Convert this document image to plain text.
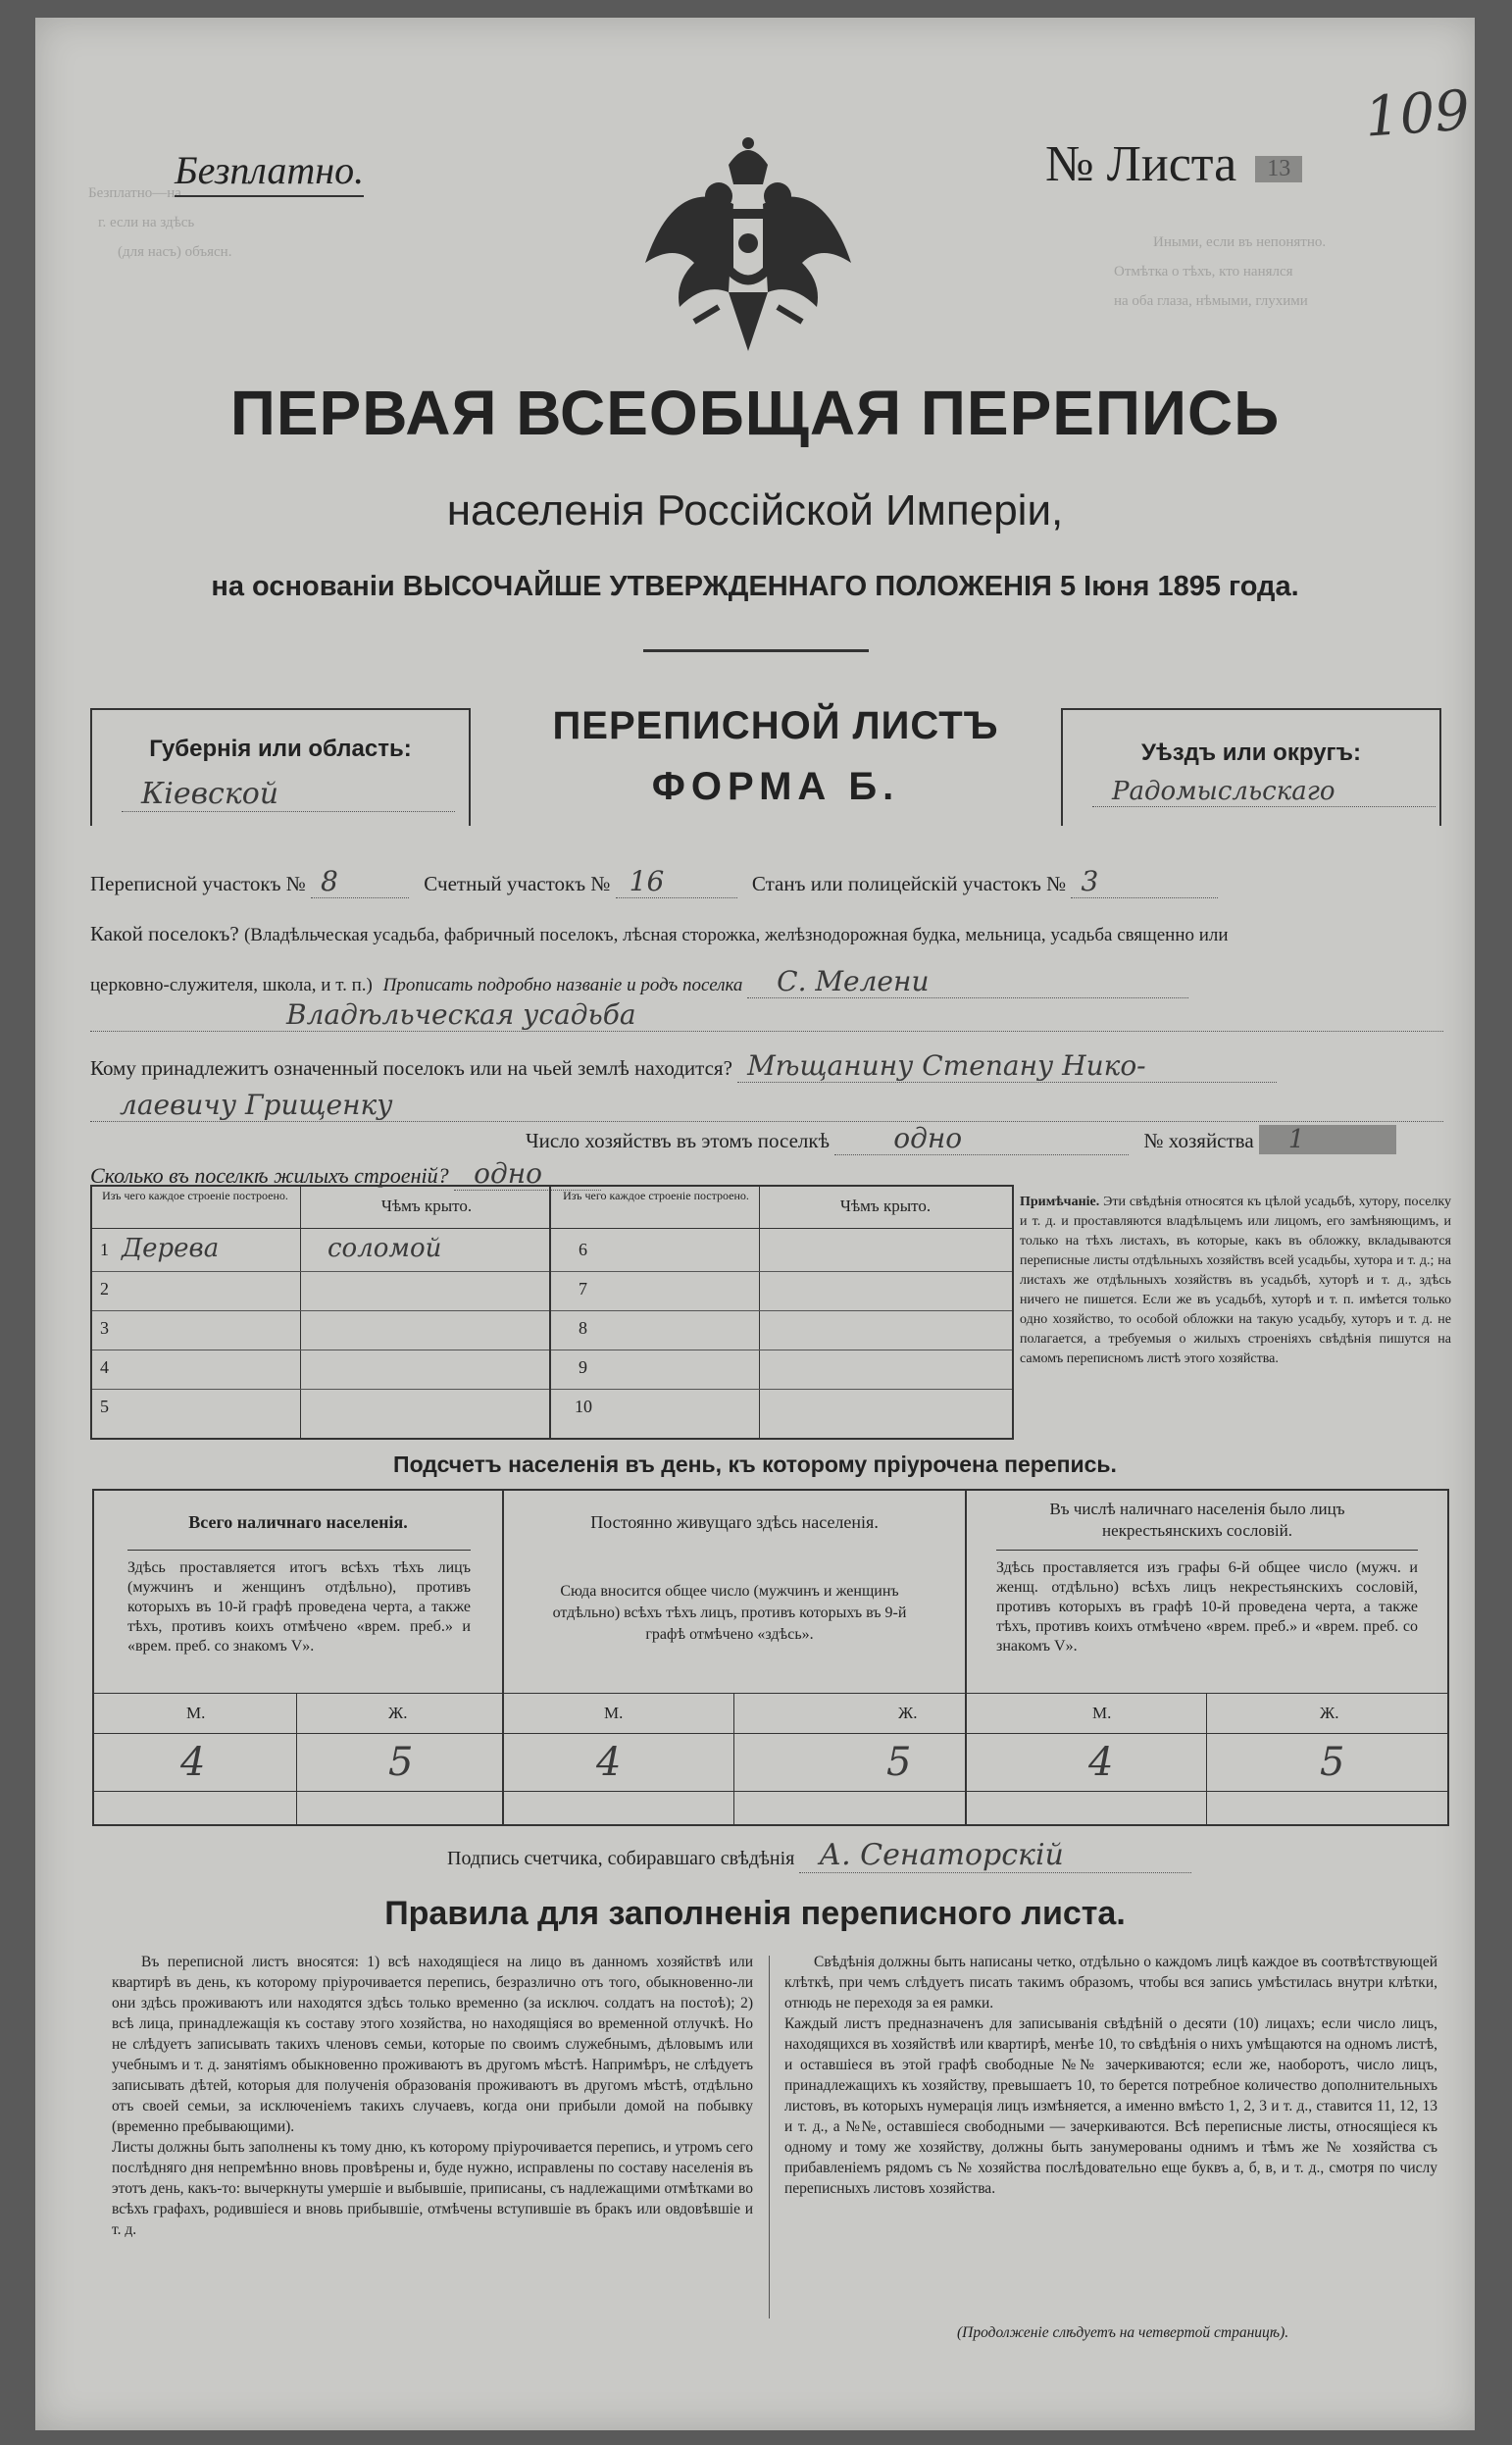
Безплатно—на
г. если на здѣсь
(для насъ) объясн.
Иными, если въ непонятно.
Отмѣтка о тѣхъ, кто нанялся
на оба глаза, нѣмыми, глухими
109
Безплатно.	№ Листа 13
ПЕРВАЯ ВСЕОБЩАЯ ПЕРЕПИСЬ
населенія Россійской Имперіи,
на основаніи ВЫСОЧАЙШЕ УТВЕРЖДЕННАГО ПОЛОЖЕНІЯ 5 Іюня 1895 года.
Губернія или область:
Кіевской
ПЕРЕПИСНОЙ ЛИСТЪ
ФОРМА Б.
Уѣздъ или округъ:
Радомысльскаго
Переписной участокъ № 8	Счетный участокъ № 16	Станъ или полицейскій участокъ № 3
Какой поселокъ? (Владѣльческая усадьба, фабричный поселокъ, лѣсная сторожка, желѣзнодорожная будка, мельница, усадьба священно или
церковно-служителя, школа, и т. п.) Прописать подробно названіе и родъ поселка С. Мелени
Владѣльческая усадьба
Кому принадлежитъ означенный поселокъ или на чьей землѣ находится? Мѣщанину Степану Нико-
лаевичу Грищенку
Число хозяйствъ въ этомъ поселкѣ одно	№ хозяйства 1
Сколько въ поселкѣ жилыхъ строеній? одно
Изъ чего каждое строеніе построено.
Чѣмъ крыто.
1 Дерева	соломой
2
3
4
5
Изъ чего каждое строеніе построено.
Чѣмъ крыто.
6
7
8
9
10
Примѣчаніе. Эти свѣдѣнія относятся къ цѣлой усадьбѣ, хутору, поселку и т. д. и проставляются владѣльцемъ или лицомъ, его замѣняющимъ, и только на тѣхъ листахъ, въ которые, какъ въ обложку, вкладываются переписные листы отдѣльныхъ хозяйствъ всей усадьбы, хутора и т. д.; на листахъ же отдѣльныхъ хозяйствъ въ усадьбѣ, хуторѣ и т. д., здѣсь ничего не пишется. Если же въ усадьбѣ, хуторѣ и т. п. имѣется только одно хозяйство, то особой обложки на такую усадьбу, хуторъ и т. д. не полагается, а требуемыя о жилыхъ строеніяхъ свѣдѣнія пишутся на самомъ переписномъ листѣ этого хозяйства.
Подсчетъ населенія въ день, къ которому пріурочена перепись.
Всего наличнаго населенія.
Здѣсь проставляется итогъ всѣхъ тѣхъ лицъ (мужчинъ и женщинъ отдѣльно), противъ которыхъ въ 10-й графѣ проведена черта, а также тѣхъ, противъ коихъ отмѣчено «врем. преб.» и «врем. преб. со знакомъ V».
Постоянно живущаго здѣсь населенія.
Сюда вносится общее число (мужчинъ и женщинъ отдѣльно) всѣхъ тѣхъ лицъ, противъ которыхъ въ 9-й графѣ отмѣчено «здѣсь».
Въ числѣ наличнаго населенія было лицъ некрестьянскихъ сословій.
Здѣсь проставляется изъ графы 6-й общее число (мужч. и женщ. отдѣльно) всѣхъ лицъ некрестьянскихъ сословій, противъ которыхъ въ графѣ 10-й проведена черта, а также тѣхъ, противъ коихъ отмѣчено «врем. преб.» и «врем. преб. со знакомъ V».
М.	Ж.	М.	Ж.	М.	Ж.
4	5	4	5	4	5
Подпись счетчика, собиравшаго свѣдѣнія А. Сенаторскій
Правила для заполненія переписного листа.
Въ переписной листъ вносятся: 1) всѣ находящіеся на лицо въ данномъ хозяйствѣ или квартирѣ въ день, къ которому пріурочивается перепись, безразлично отъ того, обыкновенно-ли они здѣсь проживаютъ или находятся здѣсь только временно (за исключ. солдатъ на постоѣ); 2) всѣ лица, принадлежащія къ составу этого хозяйства, но находящіяся во временной отлучкѣ. Но не слѣдуетъ записывать такихъ членовъ семьи, которые по своимъ служебнымъ, дѣловымъ или учебнымъ и т. д. занятіямъ обыкновенно проживаютъ въ другомъ мѣстѣ. Напримѣръ, не слѣдуетъ записывать дѣтей, которыя для полученія образованія проживаютъ въ другомъ мѣстѣ, отдѣльно отъ своей семьи, за исключеніемъ такихъ случаевъ, когда они прибыли домой на побывку (временно пребывающими).
Листы должны быть заполнены къ тому дню, къ которому пріурочивается перепись, и утромъ сего послѣдняго дня непремѣнно вновь провѣрены и, буде нужно, исправлены по составу населенія въ этотъ день, какъ-то: вычеркнуты умершіе и выбывшіе, приписаны, съ надлежащими отмѣтками во всѣхъ графахъ, родившіеся и вновь прибывшіе, отмѣчены вступившіе въ бракъ или овдовѣвшіе и т. д.
Свѣдѣнія должны быть написаны четко, отдѣльно о каждомъ лицѣ каждое въ соотвѣтствующей клѣткѣ, при чемъ слѣдуетъ писать такимъ образомъ, чтобы вся запись умѣстилась внутри клѣтки, отнюдь не переходя за ея рамки.
Каждый листъ предназначенъ для записыванія свѣдѣній о десяти (10) лицахъ; если число лицъ, находящихся въ хозяйствѣ или квартирѣ, менѣе 10, то свѣдѣнія о нихъ умѣщаются на одномъ листѣ, и оставшіеся въ этой графѣ свободные №№ зачеркиваются; если же, наоборотъ, число лицъ, принадлежащихъ къ хозяйству, превышаетъ 10, то берется потребное количество дополнительныхъ листовъ, въ которыхъ нумерація лицъ измѣняется, а именно вмѣсто 1, 2, 3 и т. д., ставится 11, 12, 13 и т. д., а №№, оставшіеся свободными — зачеркиваются. Всѣ переписные листы, относящіеся къ одному и тому же хозяйству, должны быть занумерованы однимъ и тѣмъ же № хозяйства съ прибавленіемъ рядомъ съ № хозяйства послѣдовательно еще буквъ а, б, в, и т. д., смотря по числу переписныхъ листовъ хозяйства.
(Продолженіе слѣдуетъ на четвертой страницѣ).
